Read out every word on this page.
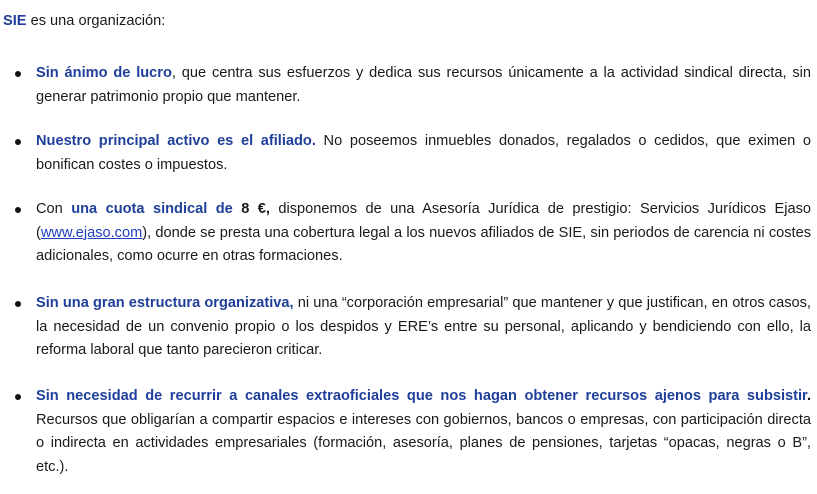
SIE es una organización:
Sin ánimo de lucro, que centra sus esfuerzos y dedica sus recursos únicamente a la actividad sindical directa, sin generar patrimonio propio que mantener.
Nuestro principal activo es el afiliado. No poseemos inmuebles donados, regalados o cedidos, que eximen o bonifican costes o impuestos.
Con una cuota sindical de 8 €, disponemos de una Asesoría Jurídica de prestigio: Servicios Jurídicos Ejaso (www.ejaso.com), donde se presta una cobertura legal a los nuevos afiliados de SIE, sin periodos de carencia ni costes adicionales, como ocurre en otras formaciones.
Sin una gran estructura organizativa, ni una “corporación empresarial” que mantener y que justifican, en otros casos, la necesidad de un convenio propio o los despidos y ERE’s entre su personal, aplicando y bendiciendo con ello, la reforma laboral que tanto parecieron criticar.
Sin necesidad de recurrir a canales extraoficiales que nos hagan obtener recursos ajenos para subsistir. Recursos que obligarían a compartir espacios e intereses con gobiernos, bancos o empresas, con participación directa o indirecta en actividades empresariales (formación, asesoría, planes de pensiones, tarjetas “opacas, negras o B”, etc.).
